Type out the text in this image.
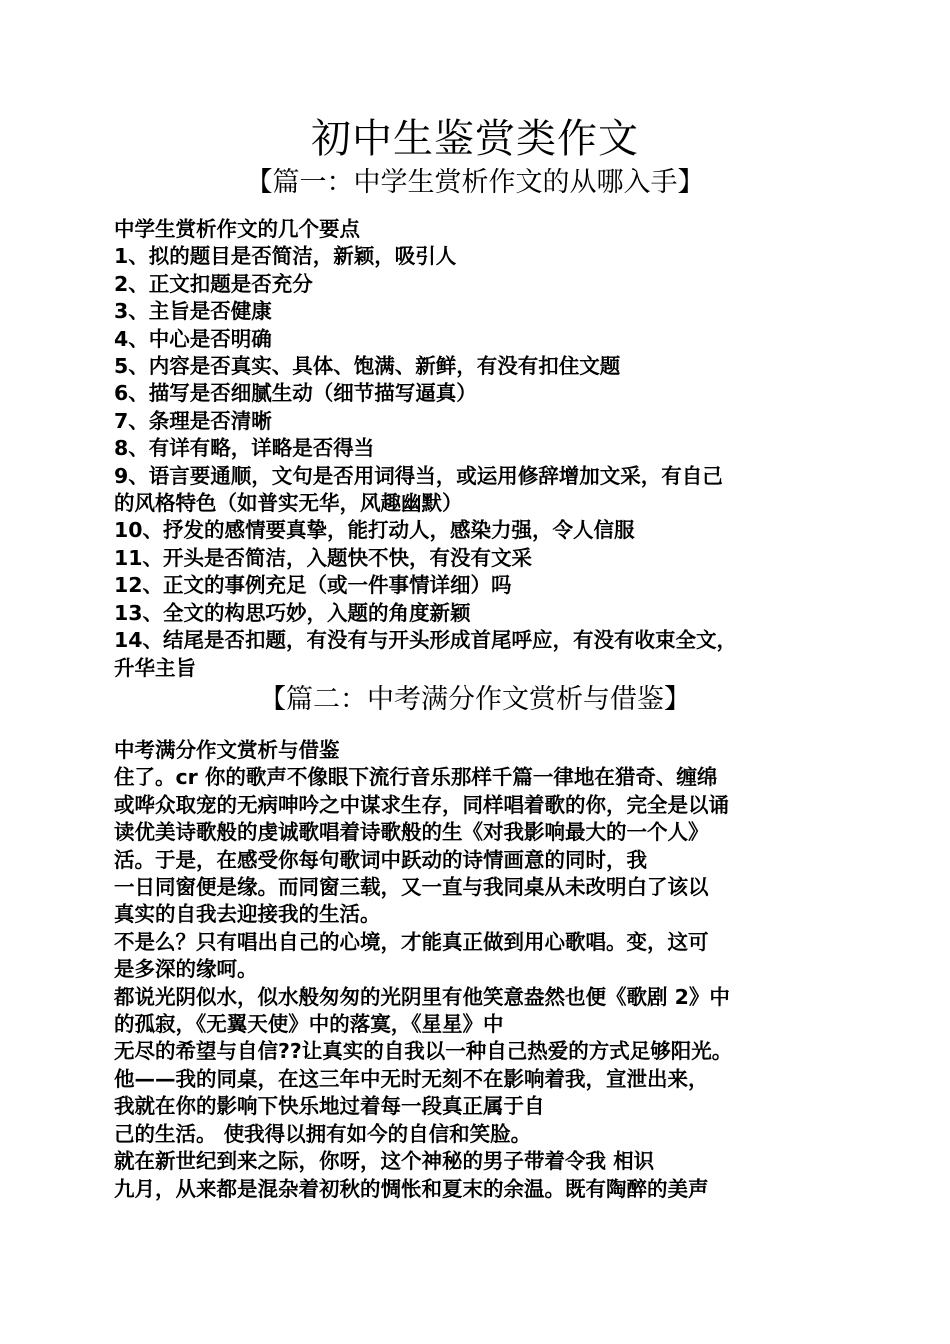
初中生鉴赏类作文
【篇一：中学生赏析作文的从哪入手】
中学生赏析作文的几个要点
1、拟的题目是否简洁，新颖，吸引人
2、正文扣题是否充分
3、主旨是否健康
4、中心是否明确
5、内容是否真实、具体、饱满、新鲜，有没有扣住文题
6、描写是否细腻生动（细节描写逼真）
7、条理是否清晰
8、有详有略，详略是否得当
9、语言要通顺，文句是否用词得当，或运用修辞增加文采，有自己
的风格特色（如普实无华，风趣幽默）
10、抒发的感情要真挚，能打动人，感染力强，令人信服
11、开头是否简洁，入题快不快，有没有文采
12、正文的事例充足（或一件事情详细）吗
13、全文的构思巧妙，入题的角度新颖
14、结尾是否扣题，有没有与开头形成首尾呼应，有没有收束全文，
升华主旨
【篇二：中考满分作文赏析与借鉴】
中考满分作文赏析与借鉴
住了。cr 你的歌声不像眼下流行音乐那样千篇一律地在猎奇、缠绵
或哗众取宠的无病呻吟之中谋求生存，同样唱着歌的你，完全是以诵
读优美诗歌般的虔诚歌唱着诗歌般的生《对我影响最大的一个人》
活。于是，在感受你每句歌词中跃动的诗情画意的同时，我
一日同窗便是缘。而同窗三载，又一直与我同桌从未改明白了该以
真实的自我去迎接我的生活。
不是么？只有唱出自己的心境，才能真正做到用心歌唱。变，这可
是多深的缘呵。
都说光阴似水，似水般匆匆的光阴里有他笑意盎然也便《歌剧 2》中
的孤寂，《无翼天使》中的落寞，《星星》中
无尽的希望与自信??让真实的自我以一种自己热爱的方式足够阳光。
他——我的同桌，在这三年中无时无刻不在影响着我，宣泄出来，
我就在你的影响下快乐地过着每一段真正属于自
己的生活。 使我得以拥有如今的自信和笑脸。
就在新世纪到来之际，你呀，这个神秘的男子带着令我 相识
九月，从来都是混杂着初秋的惆怅和夏末的余温。既有陶醉的美声
